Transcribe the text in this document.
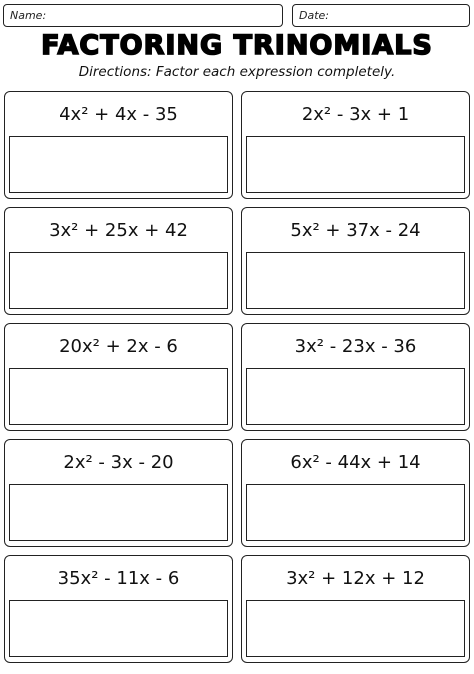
Name:	Date:
FACTORING TRINOMIALS
Directions: Factor each expression completely.
4x² + 4x - 35	2x² - 3x + 1
3x² + 25x + 42	5x² + 37x - 24
20x² + 2x - 6	3x² - 23x - 36
2x² - 3x - 20	6x² - 44x + 14
35x² - 11x - 6	3x² + 12x + 12
